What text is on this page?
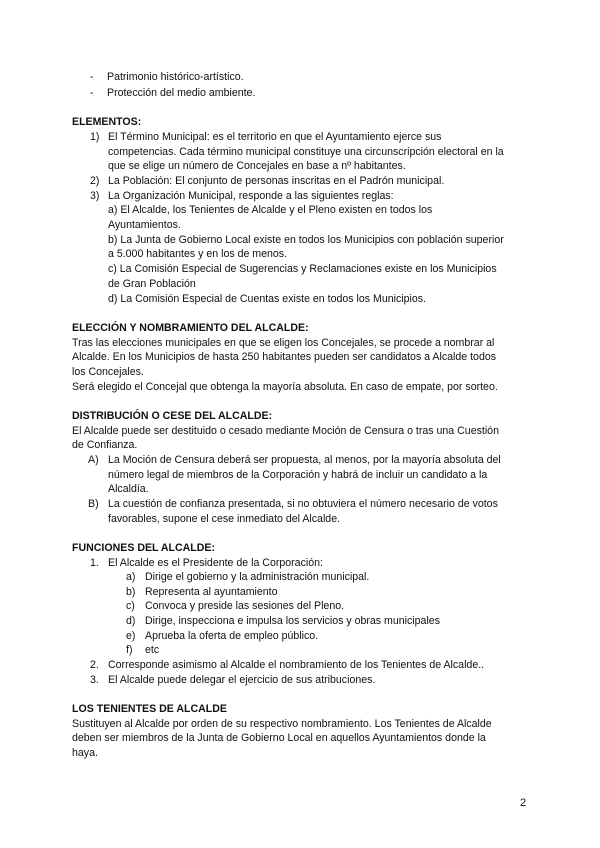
- Patrimonio histórico-artístico.
- Protección del medio ambiente.
ELEMENTOS:
1) El Término Municipal: es el territorio en que el Ayuntamiento ejerce sus
competencias. Cada término municipal constituye una circunscripción electoral en la
que se elige un número de Concejales en base a nº habitantes.
2) La Población: El conjunto de personas inscritas en el Padrón municipal.
3) La Organización Municipal, responde a las siguientes reglas:
a) El Alcalde, los Tenientes de Alcalde y el Pleno existen en todos los
Ayuntamientos.
b) La Junta de Gobierno Local existe en todos los Municipios con población superior
a 5.000 habitantes y en los de menos.
c) La Comisión Especial de Sugerencias y Reclamaciones existe en los Municipios
de Gran Población
d) La Comisión Especial de Cuentas existe en todos los Municipios.
ELECCIÓN Y NOMBRAMIENTO DEL ALCALDE:
Tras las elecciones municipales en que se eligen los Concejales, se procede a nombrar al
Alcalde. En los Municipios de hasta 250 habitantes pueden ser candidatos a Alcalde todos
los Concejales.
Será elegido el Concejal que obtenga la mayoría absoluta. En caso de empate, por sorteo.
DISTRIBUCIÓN O CESE DEL ALCALDE:
El Alcalde puede ser destituido o cesado mediante Moción de Censura o tras una Cuestión
de Confianza.
A) La Moción de Censura deberá ser propuesta, al menos, por la mayoría absoluta del
número legal de miembros de la Corporación y habrá de incluir un candidato a la
Alcaldía.
B) La cuestión de confianza presentada, si no obtuviera el número necesario de votos
favorables, supone el cese inmediato del Alcalde.
FUNCIONES DEL ALCALDE:
1. El Alcalde es el Presidente de la Corporación:
a) Dirige el gobierno y la administración municipal.
b) Representa al ayuntamiento
c) Convoca y preside las sesiones del Pleno.
d) Dirige, inspecciona e impulsa los servicios y obras municipales
e) Aprueba la oferta de empleo público.
f) etc
2. Corresponde asimismo al Alcalde el nombramiento de los Tenientes de Alcalde..
3. El Alcalde puede delegar el ejercicio de sus atribuciones.
LOS TENIENTES DE ALCALDE
Sustituyen al Alcalde por orden de su respectivo nombramiento. Los Tenientes de Alcalde
deben ser miembros de la Junta de Gobierno Local en aquellos Ayuntamientos donde la
haya.
2
